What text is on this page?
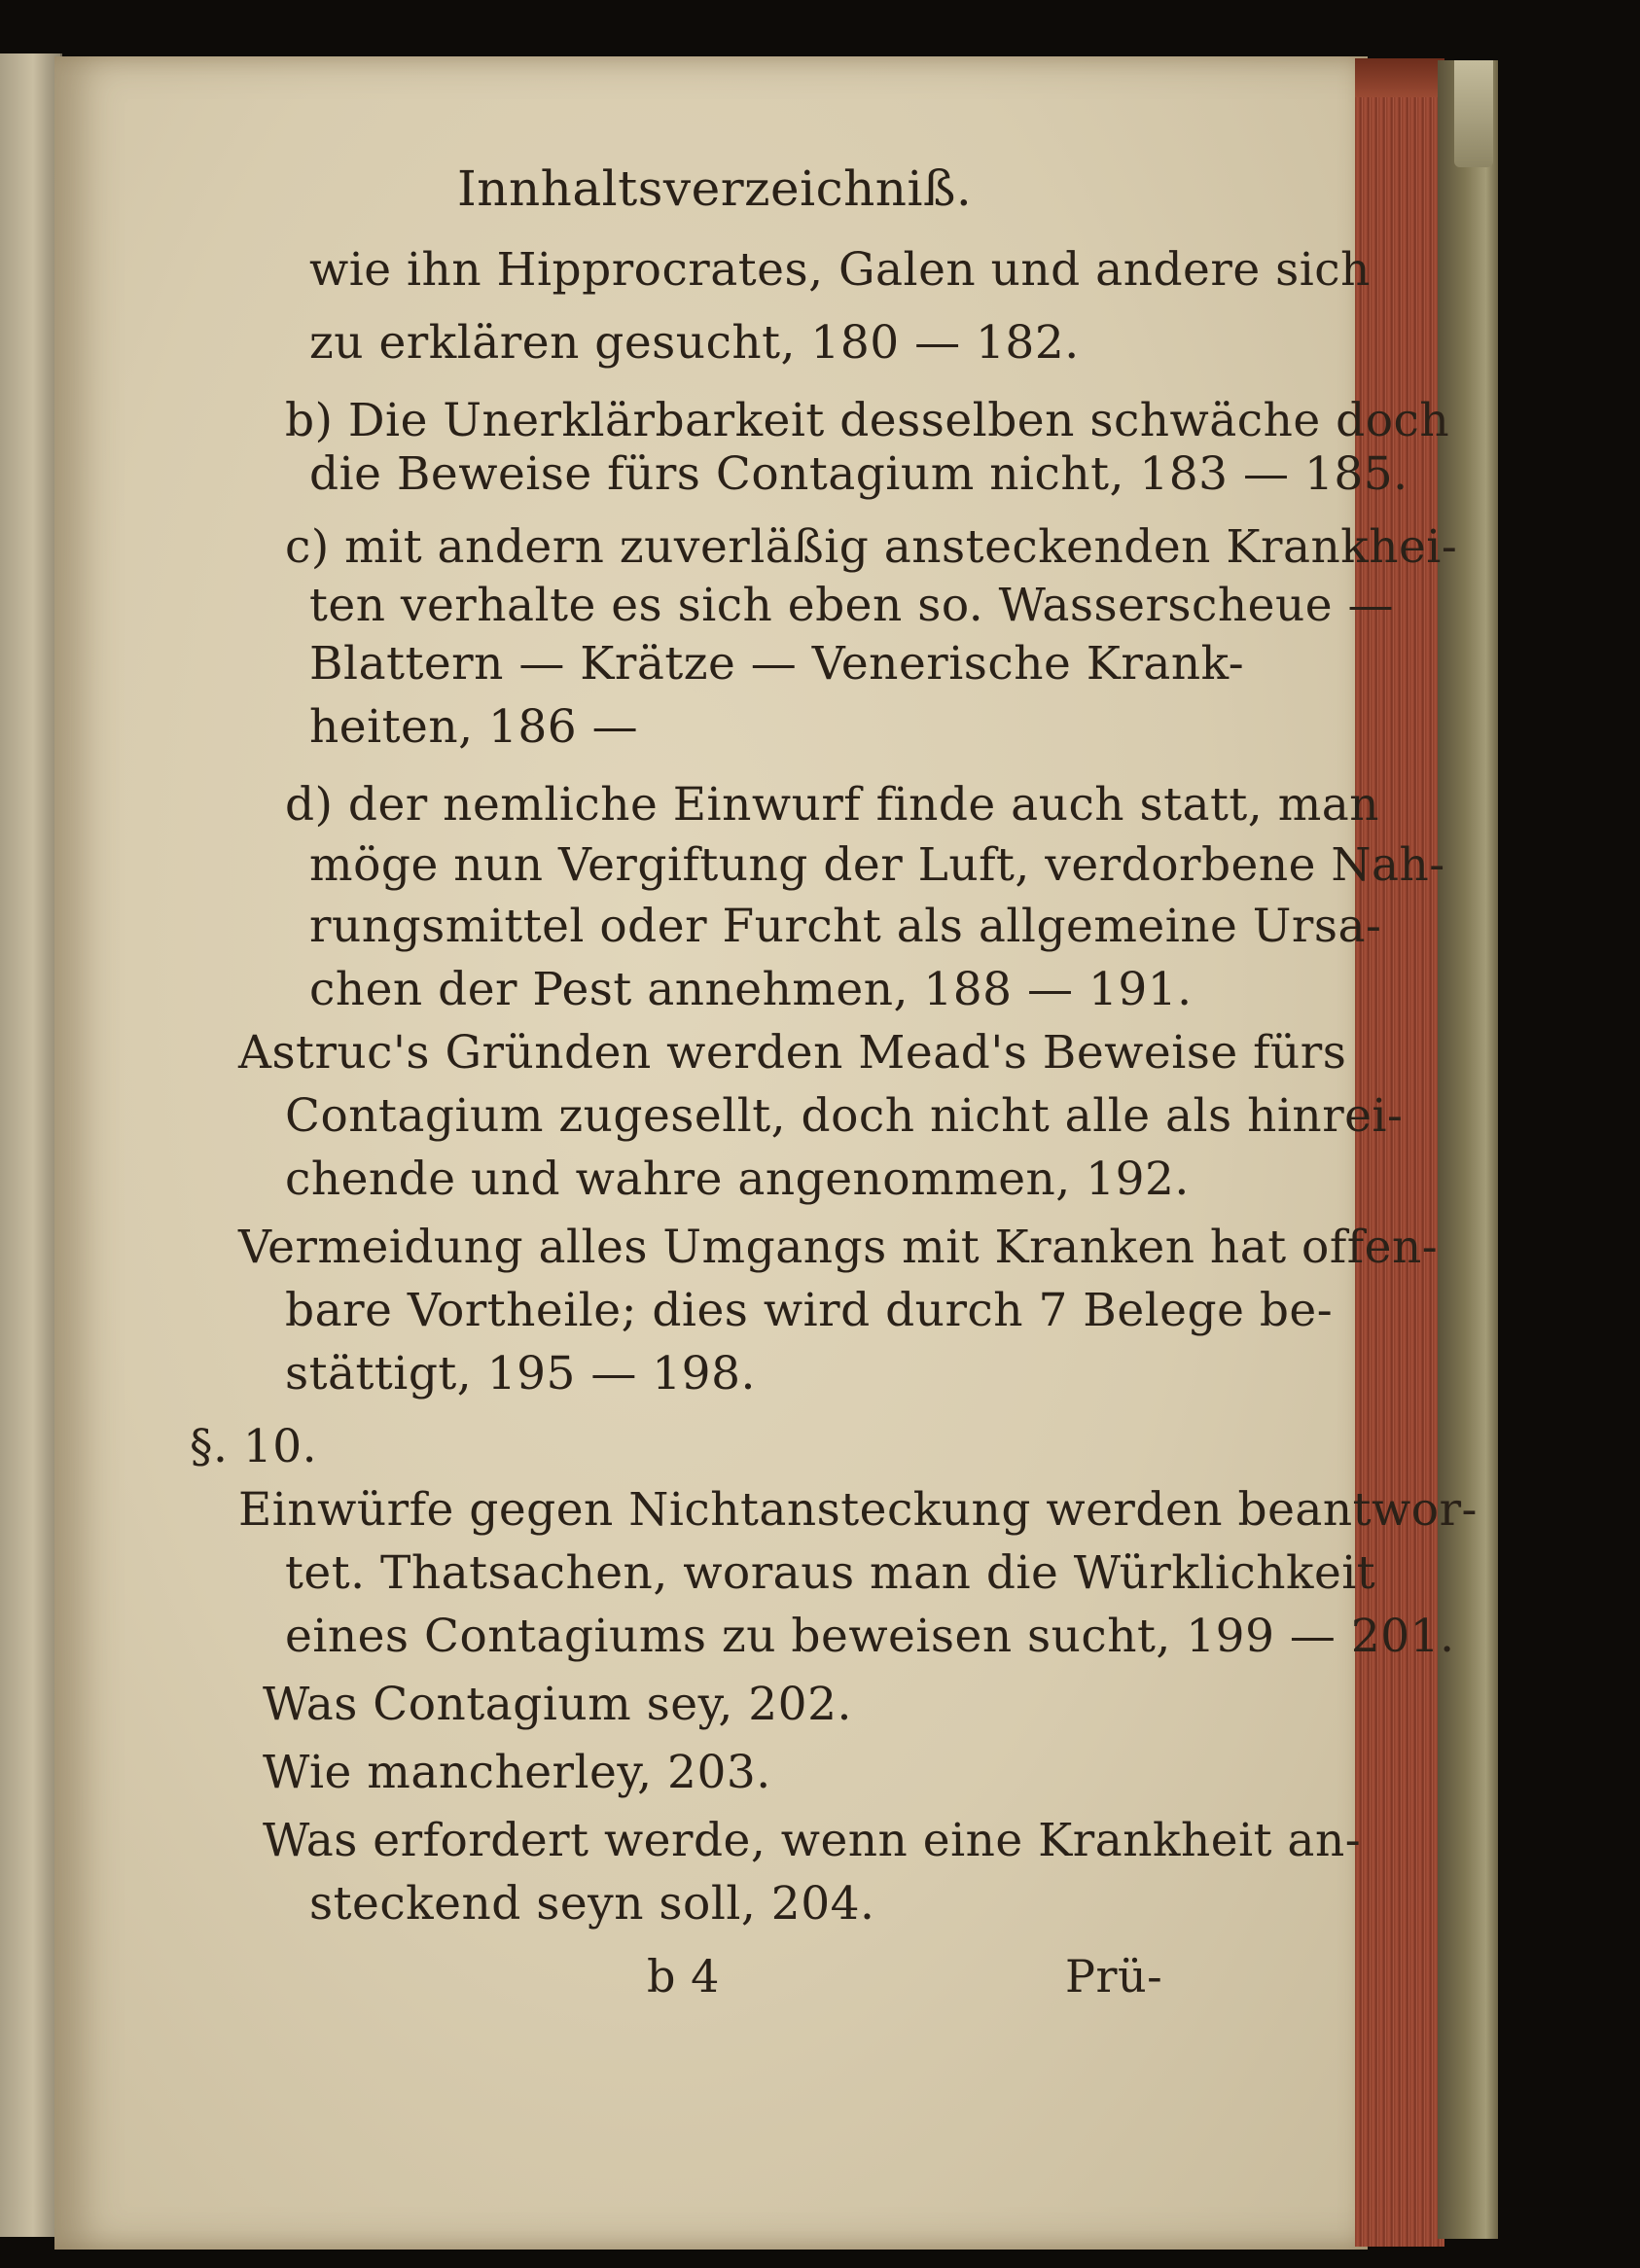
Innhaltsverzeichniß.
wie ihn Hipprocrates, Galen und andere sich
zu erklären gesucht, 180 — 182.
b) Die Unerklärbarkeit desselben schwäche doch
die Beweise fürs Contagium nicht, 183 — 185.
c) mit andern zuverläßig ansteckenden Krankhei-
ten verhalte es sich eben so. Wasserscheue —
Blattern — Krätze — Venerische Krank-
heiten, 186 —
d) der nemliche Einwurf finde auch statt, man
möge nun Vergiftung der Luft, verdorbene Nah-
rungsmittel oder Furcht als allgemeine Ursa-
chen der Pest annehmen, 188 — 191.
Astruc's Gründen werden Mead's Beweise fürs
Contagium zugesellt, doch nicht alle als hinrei-
chende und wahre angenommen, 192.
Vermeidung alles Umgangs mit Kranken hat offen-
bare Vortheile; dies wird durch 7 Belege be-
stättigt, 195 — 198.
§. 10.
Einwürfe gegen Nichtansteckung werden beantwor-
tet. Thatsachen, woraus man die Würklichkeit
eines Contagiums zu beweisen sucht, 199 — 201.
Was Contagium sey, 202.
Wie mancherley, 203.
Was erfordert werde, wenn eine Krankheit an-
steckend seyn soll, 204.
b 4	Prü-
